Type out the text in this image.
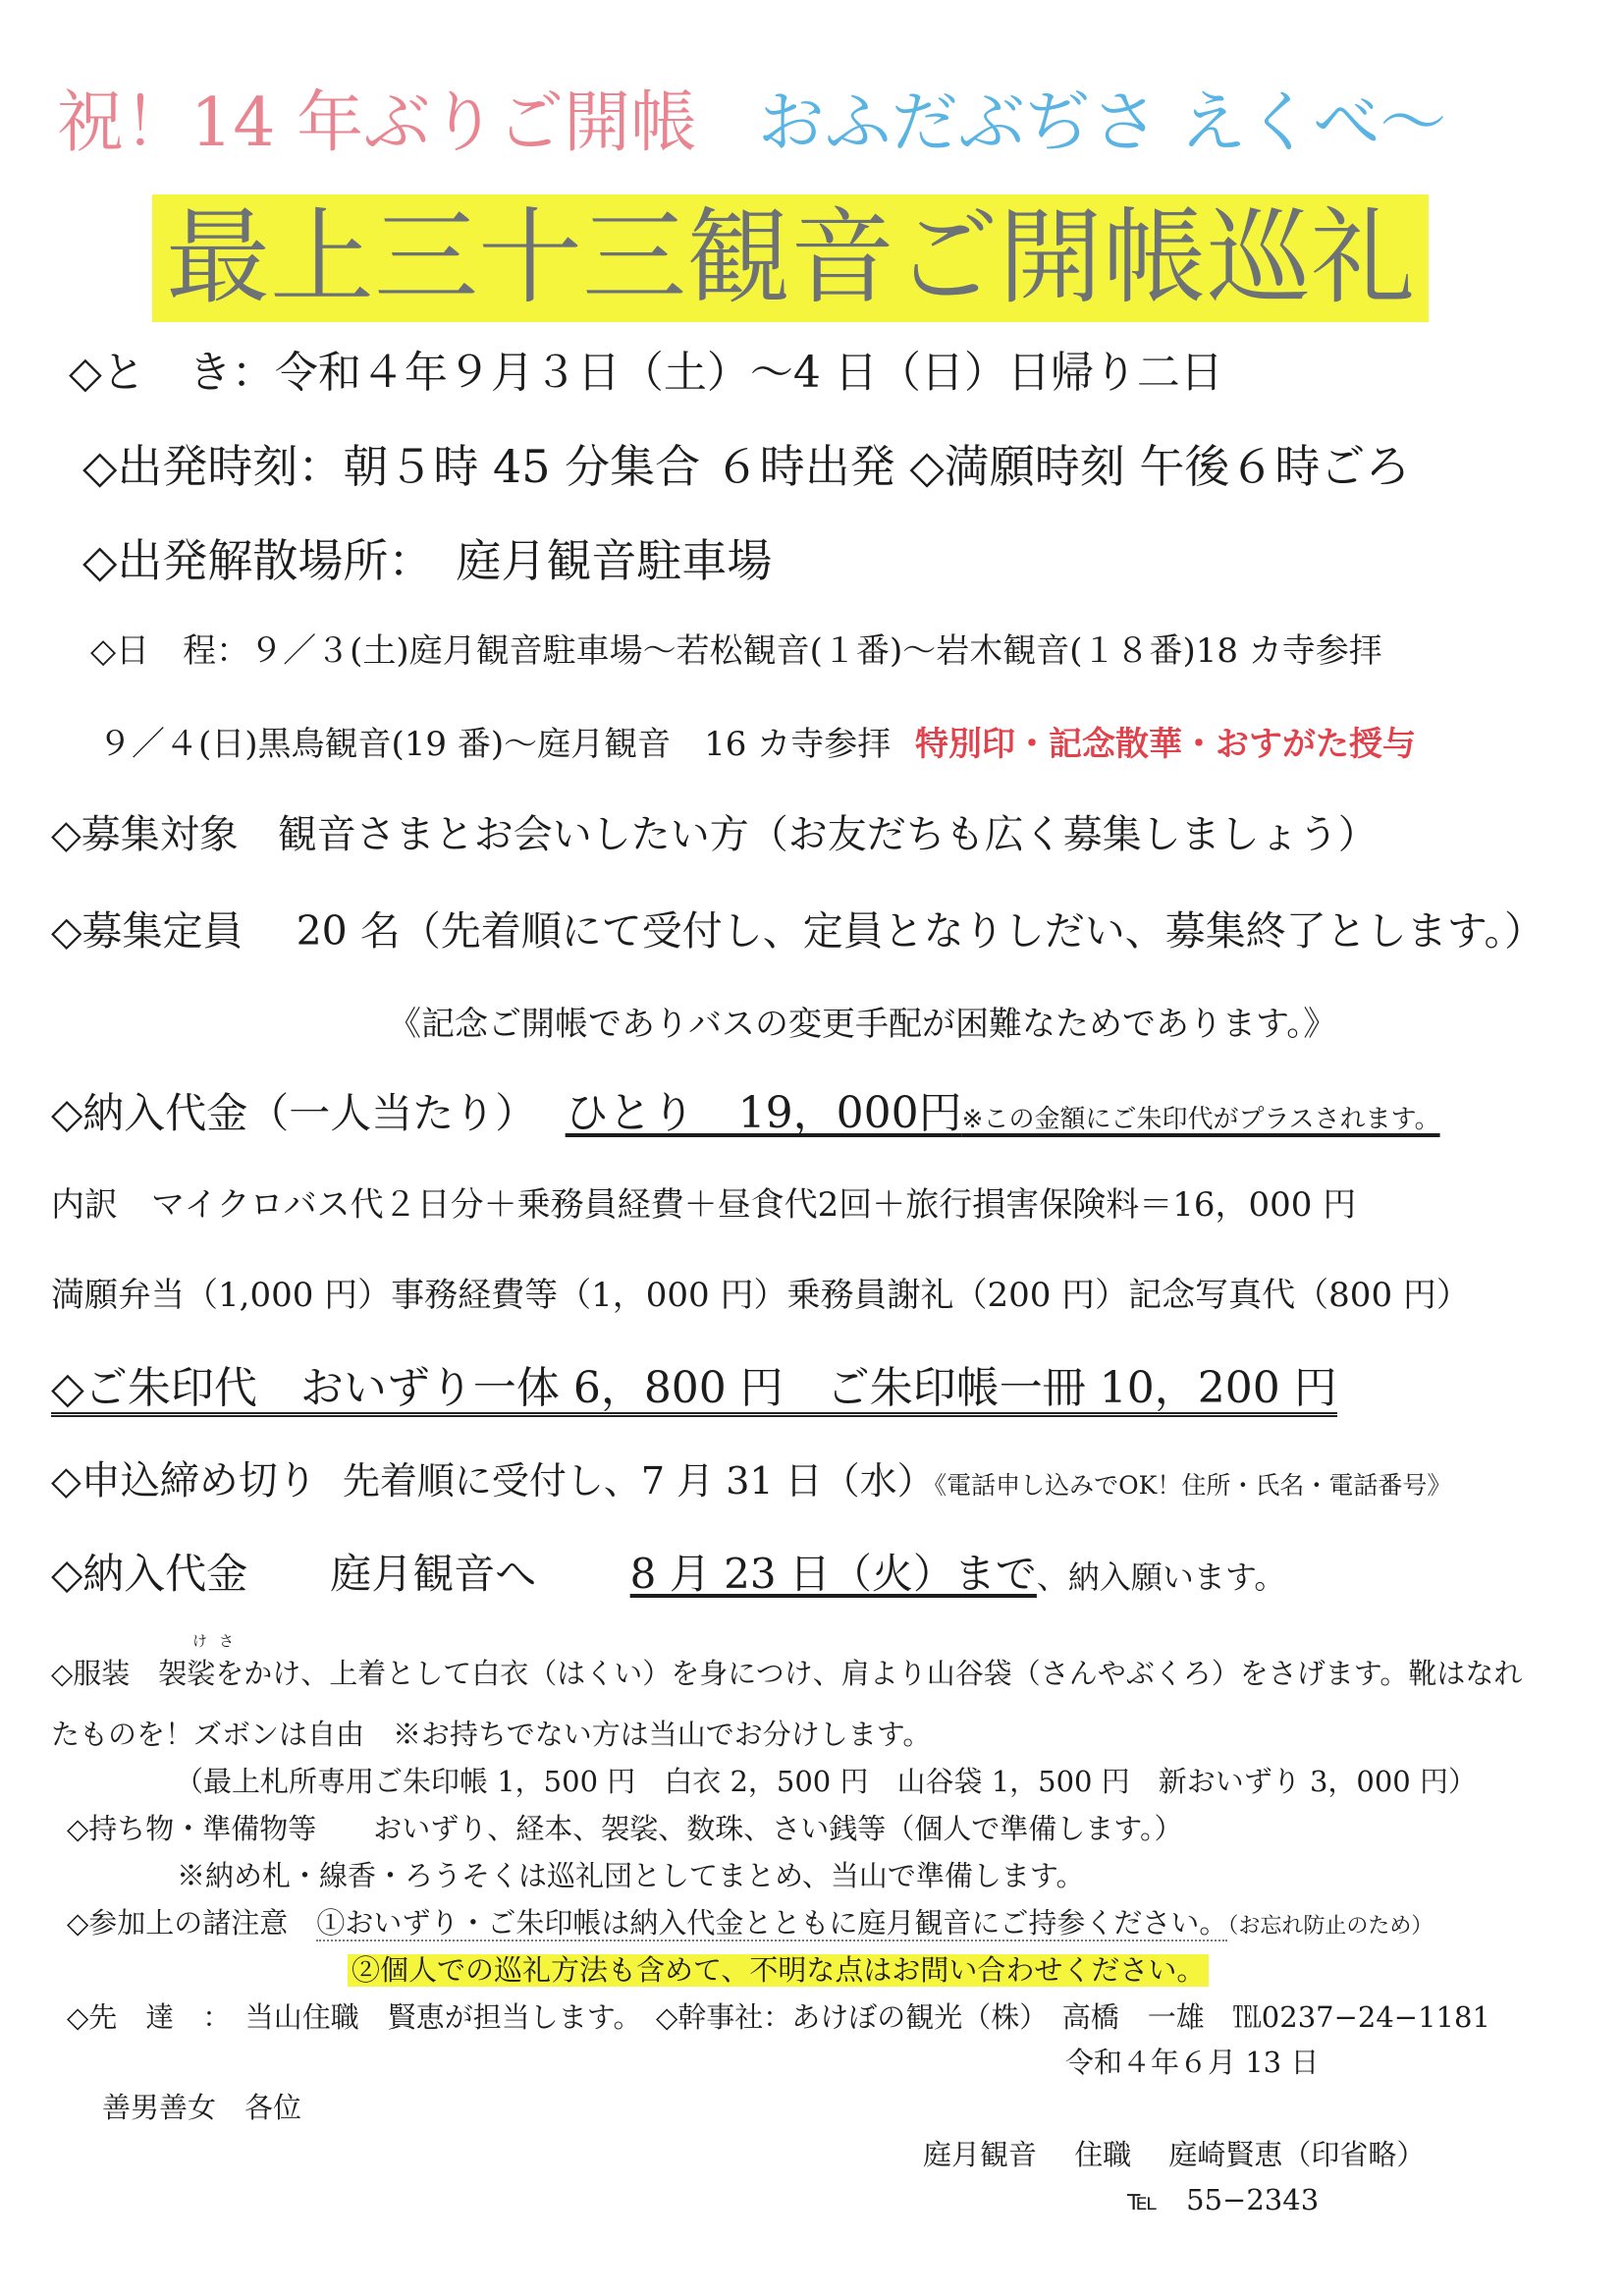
祝！14 年ぶりご開帳 おふだぶぢさ えくべ〜
最上三十三観音ご開帳巡礼
◇と　き：令和４年９月３日（土）〜4 日（日）日帰り二日
◇出発時刻：朝５時 45 分集合 ６時出発 ◇満願時刻 午後６時ごろ
◇出発解散場所：　庭月観音駐車場
◇日　程：９／３(土)庭月観音駐車場〜若松観音(１番)〜岩木観音(１８番)18 カ寺参拝
９／４(日)黒鳥観音(19 番)〜庭月観音　16 カ寺参拝 特別印・記念散華・おすがた授与
◇募集対象　観音さまとお会いしたい方（お友だちも広く募集しましょう）
◇募集定員　 20 名（先着順にて受付し、定員となりしだい、募集終了とします。）
《記念ご開帳でありバスの変更手配が困難なためであります。》
◇納入代金（一人当たり） ひとり　19，000円※この金額にご朱印代がプラスされます。
内訳　マイクロバス代２日分＋乗務員経費＋昼食代2回＋旅行損害保険料＝16，000 円
満願弁当（1,000 円）事務経費等（1，000 円）乗務員謝礼（200 円）記念写真代（800 円）
◇ご朱印代　おいずり一体 6，800 円　ご朱印帳一冊 10，200 円
◇申込締め切り 先着順に受付し、7 月 31 日（水）《電話申し込みでOK！住所・氏名・電話番号》
◇納入代金　　庭月観音へ　 8 月 23 日（火）まで、納入願います。
けさ
◇服装　袈裟をかけ、上着として白衣（はくい）を身につけ、肩より山谷袋（さんやぶくろ）をさげます。靴はなれ
たものを！ズボンは自由　※お持ちでない方は当山でお分けします。
（最上札所専用ご朱印帳 1，500 円　白衣 2，500 円　山谷袋 1，500 円　新おいずり 3，000 円）
◇持ち物・準備物等　　おいずり、経本、袈裟、数珠、さい銭等（個人で準備します。）
※納め札・線香・ろうそくは巡礼団としてまとめ、当山で準備します。
◇参加上の諸注意　①おいずり・ご朱印帳は納入代金とともに庭月観音にご持参ください。（お忘れ防止のため）
②個人での巡礼方法も含めて、不明な点はお問い合わせください。
◇先　達　：　当山住職　賢恵が担当します。　◇幹事社：あけぼの観光（株）　高橋　一雄　℡0237−24−1181
令和４年６月 13 日
善男善女　各位
庭月観音　 住職　 庭崎賢恵（印省略）
℡　55−2343
